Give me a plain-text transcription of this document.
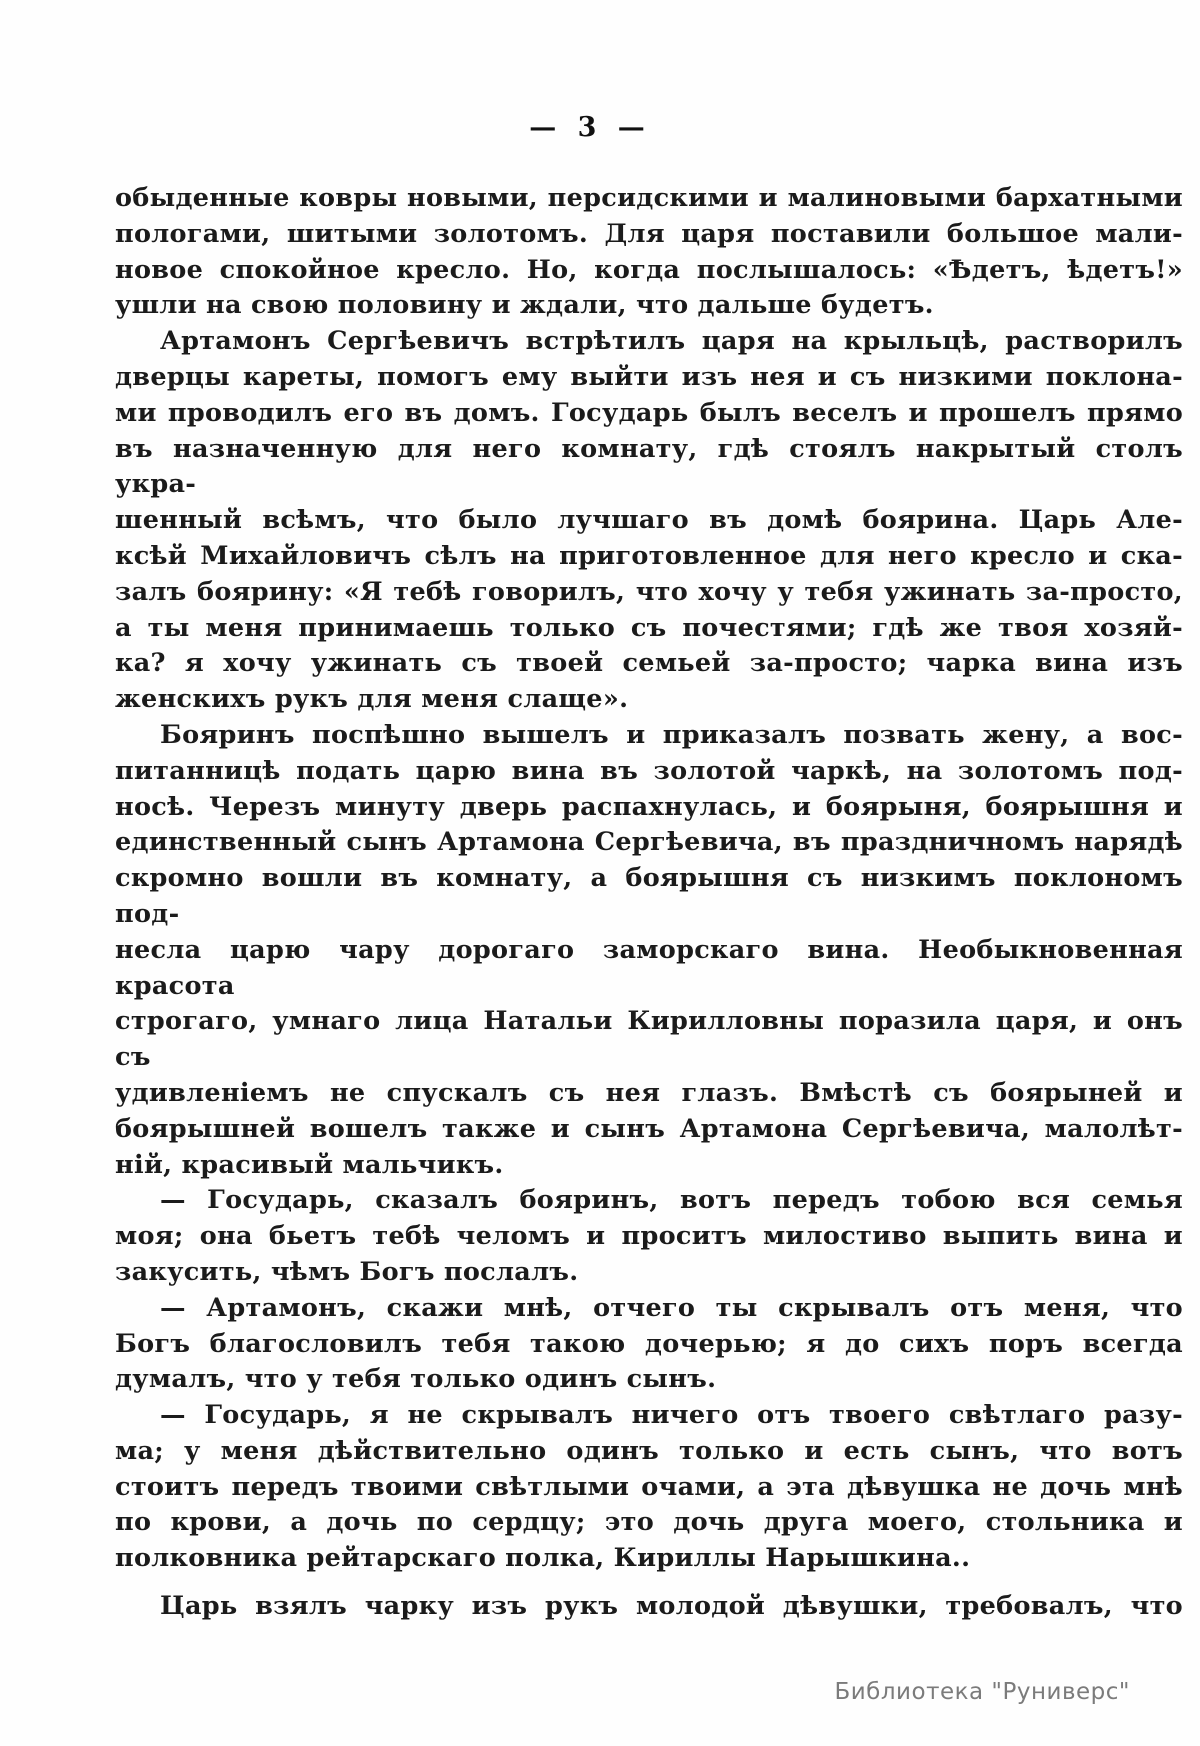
— 3 —
обыденные ковры новыми, персидскими и малиновыми бархатными
пологами, шитыми золотомъ. Для царя поставили большое мали-
новое спокойное кресло. Но, когда послышалось: «Ѣдетъ, ѣдетъ!»
ушли на свою половину и ждали, что дальше будетъ.
Артамонъ Сергѣевичъ встрѣтилъ царя на крыльцѣ, растворилъ
дверцы кареты, помогъ ему выйти изъ нея и съ низкими поклона-
ми проводилъ его въ домъ. Государь былъ веселъ и прошелъ прямо
въ назначенную для него комнату, гдѣ стоялъ накрытый столъ укра-
шенный всѣмъ, что было лучшаго въ домѣ боярина. Царь Але-
ксѣй Михайловичъ сѣлъ на приготовленное для него кресло и ска-
залъ боярину: «Я тебѣ говорилъ, что хочу у тебя ужинать за-просто,
а ты меня принимаешь только съ почестями; гдѣ же твоя хозяй-
ка? я хочу ужинать съ твоей семьей за-просто; чарка вина изъ
женскихъ рукъ для меня слаще».
Бояринъ поспѣшно вышелъ и приказалъ позвать жену, а вос-
питанницѣ подать царю вина въ золотой чаркѣ, на золотомъ под-
носѣ. Черезъ минуту дверь распахнулась, и боярыня, боярышня и
единственный сынъ Артамона Сергѣевича, въ праздничномъ нарядѣ
скромно вошли въ комнату, а боярышня съ низкимъ поклономъ под-
несла царю чару дорогаго заморскаго вина. Необыкновенная красота
строгаго, умнаго лица Натальи Кирилловны поразила царя, и онъ съ
удивленіемъ не спускалъ съ нея глазъ. Вмѣстѣ съ боярыней и
боярышней вошелъ также и сынъ Артамона Сергѣевича, малолѣт-
ній, красивый мальчикъ.
— Государь, сказалъ бояринъ, вотъ передъ тобою вся семья
моя; она бьетъ тебѣ челомъ и проситъ милостиво выпить вина и
закусить, чѣмъ Богъ послалъ.
— Артамонъ, скажи мнѣ, отчего ты скрывалъ отъ меня, что
Богъ благословилъ тебя такою дочерью; я до сихъ поръ всегда
думалъ, что у тебя только одинъ сынъ.
— Государь, я не скрывалъ ничего отъ твоего свѣтлаго разу-
ма; у меня дѣйствительно одинъ только и есть сынъ, что вотъ
стоитъ передъ твоими свѣтлыми очами, а эта дѣвушка не дочь мнѣ
по крови, а дочь по сердцу; это дочь друга моего, стольника и
полковника рейтарскаго полка, Кириллы Нарышкина..
Царь взялъ чарку изъ рукъ молодой дѣвушки, требовалъ, что
Библиотека "Руниверс"
